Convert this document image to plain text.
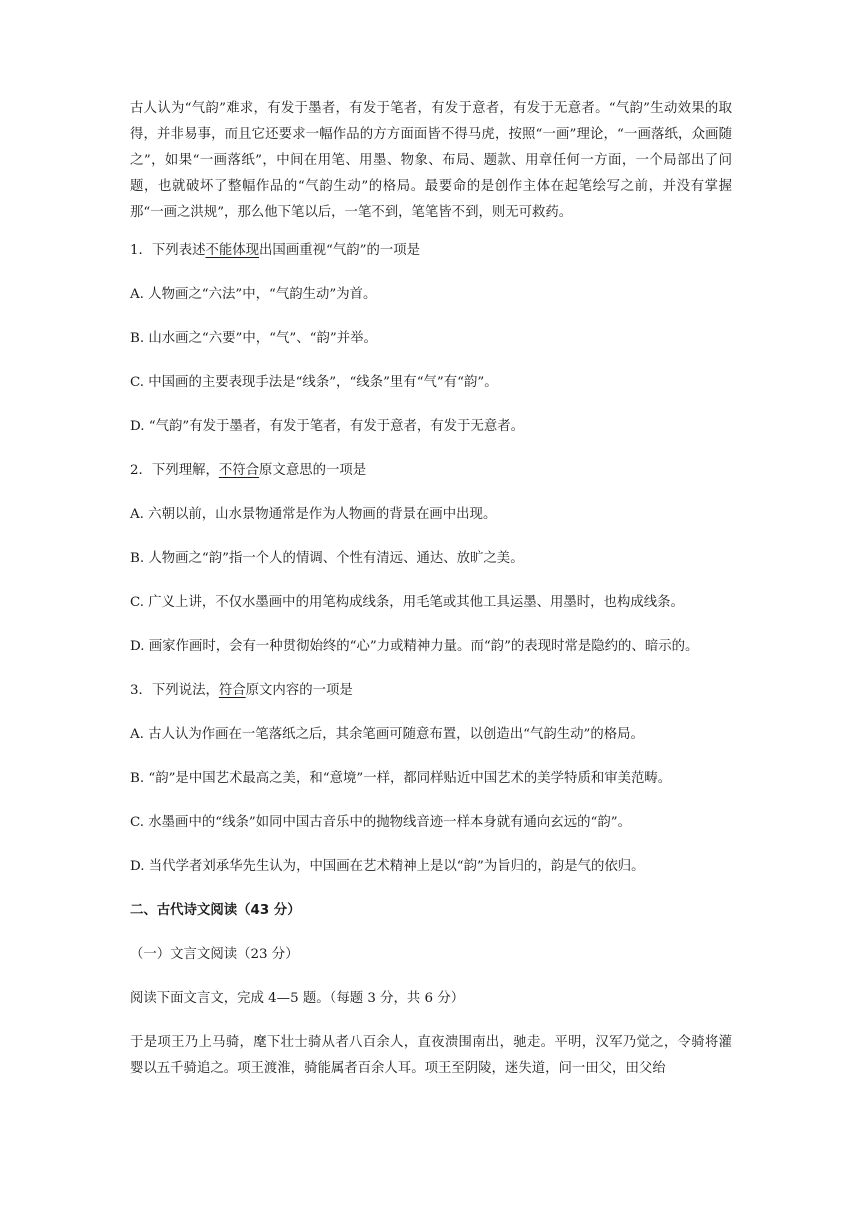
古人认为“气韵”难求，有发于墨者，有发于笔者，有发于意者，有发于无意者。“气韵”生动效果的取得，并非易事，而且它还要求一幅作品的方方面面皆不得马虎，按照“一画”理论，“一画落纸，众画随之”，如果“一画落纸”，中间在用笔、用墨、物象、布局、题款、用章任何一方面，一个局部出了问题，也就破坏了整幅作品的“气韵生动”的格局。最要命的是创作主体在起笔绘写之前，并没有掌握那“一画之洪规”，那么他下笔以后，一笔不到，笔笔皆不到，则无可救药。

1．下列表述不能体现出国画重视“气韵”的一项是

A. 人物画之“六法”中，“气韵生动”为首。

B. 山水画之“六要”中，“气”、“韵”并举。

C. 中国画的主要表现手法是“线条”，“线条”里有“气”有“韵”。

D. “气韵”有发于墨者，有发于笔者，有发于意者，有发于无意者。

2．下列理解，不符合原文意思的一项是

A. 六朝以前，山水景物通常是作为人物画的背景在画中出现。

B. 人物画之“韵”指一个人的情调、个性有清远、通达、放旷之美。

C. 广义上讲，不仅水墨画中的用笔构成线条，用毛笔或其他工具运墨、用墨时，也构成线条。

D. 画家作画时，会有一种贯彻始终的“心”力或精神力量。而“韵”的表现时常是隐约的、暗示的。

3．下列说法，符合原文内容的一项是

A. 古人认为作画在一笔落纸之后，其余笔画可随意布置，以创造出“气韵生动”的格局。

B. “韵”是中国艺术最高之美，和“意境”一样，都同样贴近中国艺术的美学特质和审美范畴。

C. 水墨画中的“线条”如同中国古音乐中的抛物线音迹一样本身就有通向玄远的“韵”。

D. 当代学者刘承华先生认为，中国画在艺术精神上是以“韵”为旨归的，韵是气的依归。

二、古代诗文阅读（43 分）

（一）文言文阅读（23 分）

阅读下面文言文，完成 4—5 题。（每题 3 分，共 6 分）

于是项王乃上马骑，麾下壮士骑从者八百余人，直夜溃围南出，驰走。平明，汉军乃觉之，令骑将灌婴以五千骑追之。项王渡淮，骑能属者百余人耳。项王至阴陵，迷失道，问一田父，田父绐
